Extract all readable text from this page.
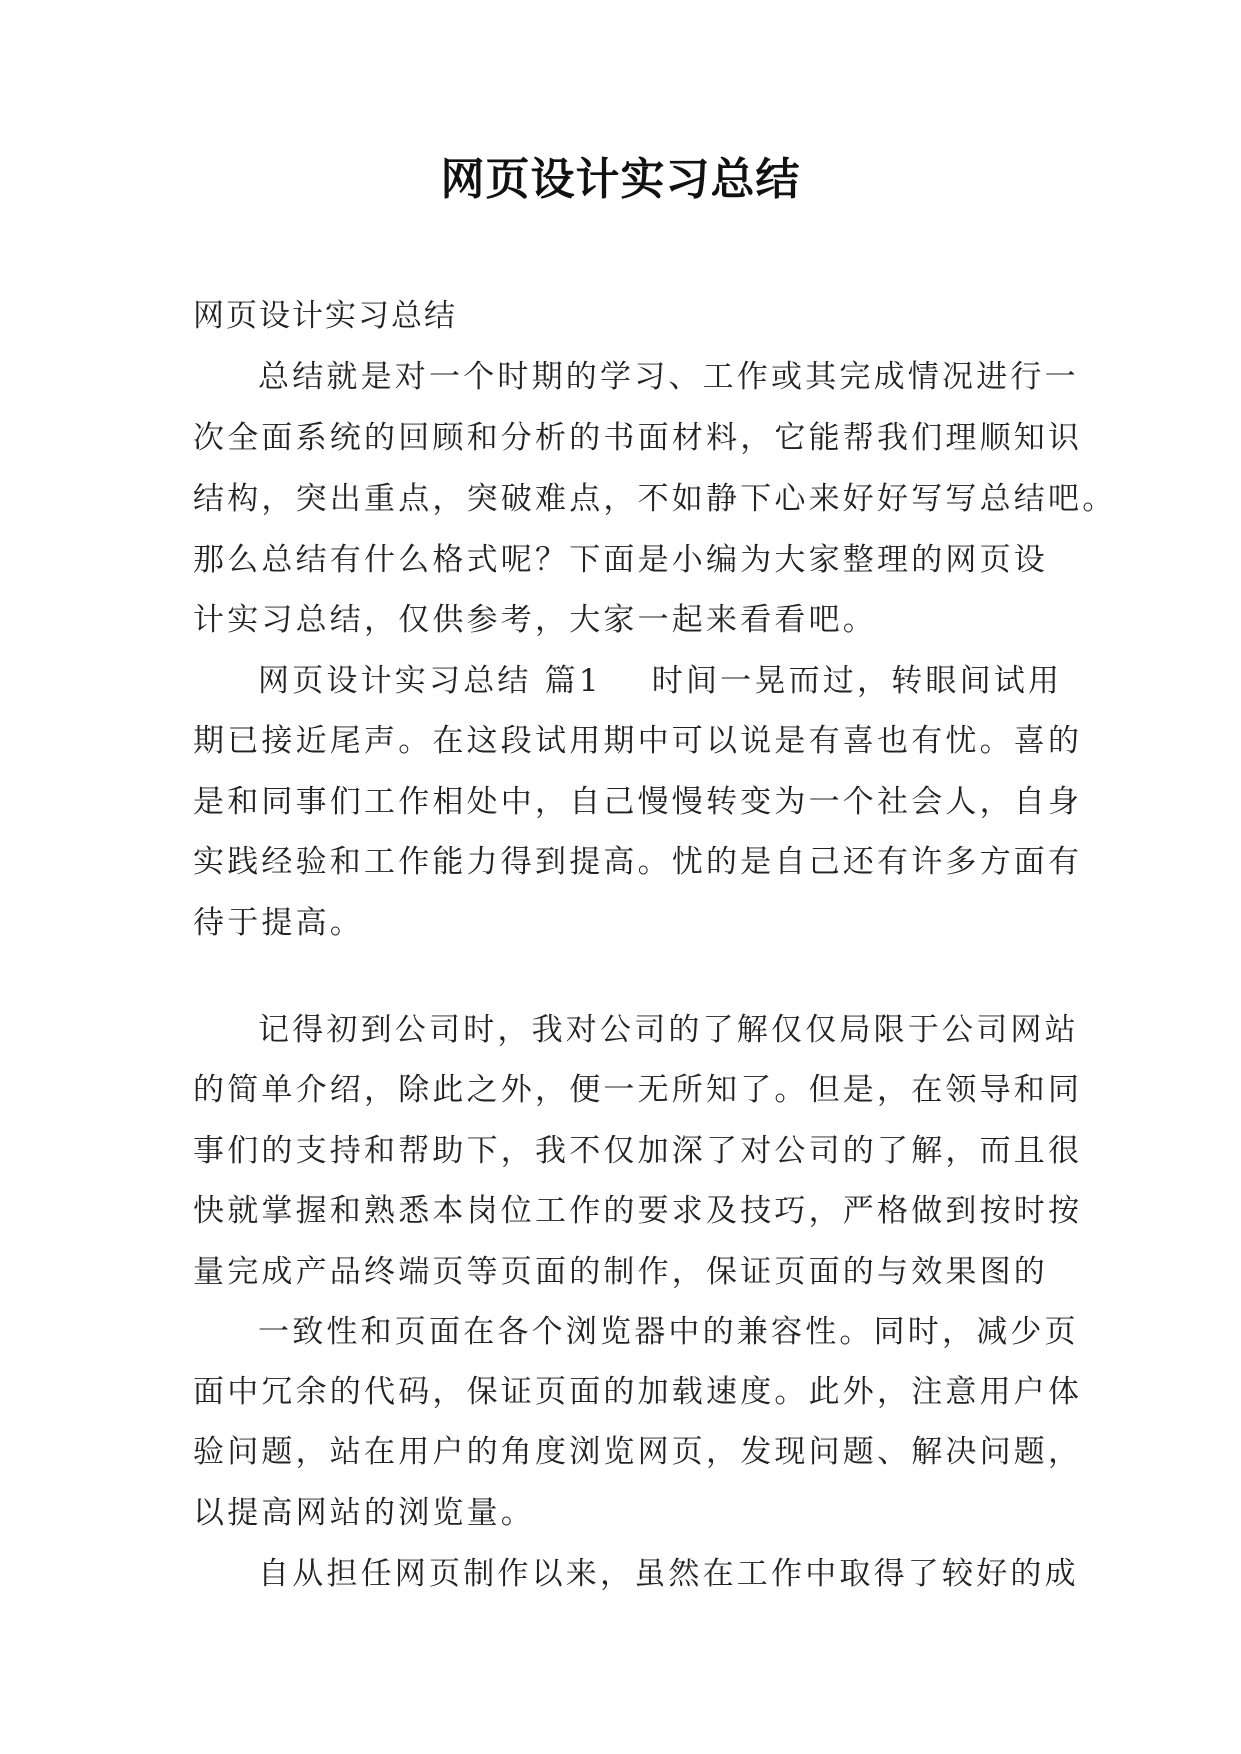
网页设计实习总结
网页设计实习总结
总结就是对一个时期的学习、工作或其完成情况进行一
次全面系统的回顾和分析的书面材料，它能帮我们理顺知识
结构，突出重点，突破难点，不如静下心来好好写写总结吧。
那么总结有什么格式呢？下面是小编为大家整理的网页设
计实习总结，仅供参考，大家一起来看看吧。
网页设计实习总结 篇1 时间一晃而过，转眼间试用
期已接近尾声。在这段试用期中可以说是有喜也有忧。喜的
是和同事们工作相处中，自己慢慢转变为一个社会人，自身
实践经验和工作能力得到提高。忧的是自己还有许多方面有
待于提高。
记得初到公司时，我对公司的了解仅仅局限于公司网站
的简单介绍，除此之外，便一无所知了。但是，在领导和同
事们的支持和帮助下，我不仅加深了对公司的了解，而且很
快就掌握和熟悉本岗位工作的要求及技巧，严格做到按时按
量完成产品终端页等页面的制作，保证页面的与效果图的
一致性和页面在各个浏览器中的兼容性。同时，减少页
面中冗余的代码，保证页面的加载速度。此外，注意用户体
验问题，站在用户的角度浏览网页，发现问题、解决问题，
以提高网站的浏览量。
自从担任网页制作以来，虽然在工作中取得了较好的成
